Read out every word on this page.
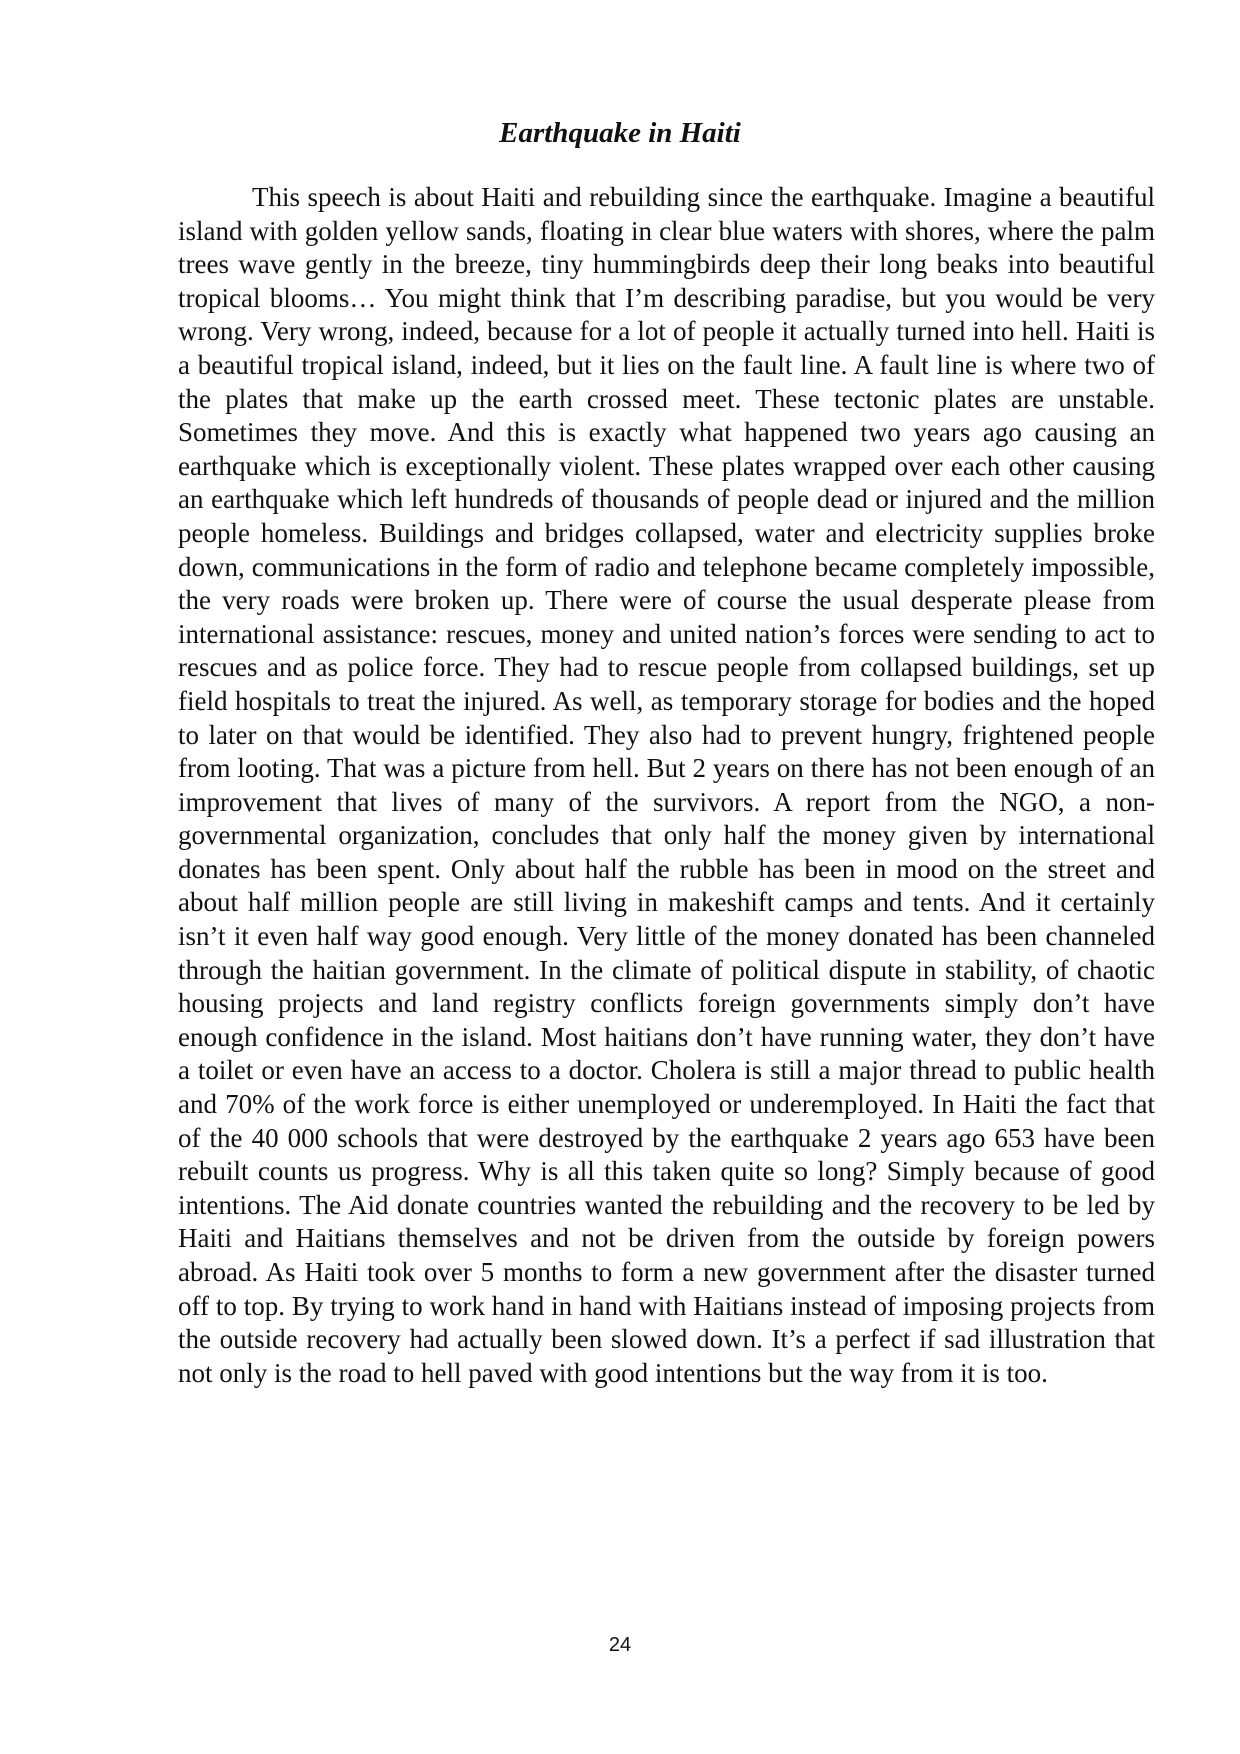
Earthquake in Haiti

This speech is about Haiti and rebuilding since the earthquake. Imagine a beautiful island with golden yellow sands, floating in clear blue waters with shores, where the palm trees wave gently in the breeze, tiny hummingbirds deep their long beaks into beautiful tropical blooms… You might think that I’m describing paradise, but you would be very wrong. Very wrong, indeed, because for a lot of people it actually turned into hell. Haiti is a beautiful tropical island, indeed, but it lies on the fault line. A fault line is where two of the plates that make up the earth crossed meet. These tectonic plates are unstable. Sometimes they move. And this is exactly what happened two years ago causing an earthquake which is exceptionally violent. These plates wrapped over each other causing an earthquake which left hundreds of thousands of people dead or injured and the million people homeless. Buildings and bridges collapsed, water and electricity supplies broke down, communications in the form of radio and telephone became completely impossible, the very roads were broken up. There were of course the usual desperate please from international assistance: rescues, money and united nation’s forces were sending to act to rescues and as police force. They had to rescue people from collapsed buildings, set up field hospitals to treat the injured. As well, as temporary storage for bodies and the hoped to later on that would be identified. They also had to prevent hungry, frightened people from looting. That was a picture from hell. But 2 years on there has not been enough of an improvement that lives of many of the survivors. A report from the NGO, a non-governmental organization, concludes that only half the money given by international donates has been spent. Only about half the rubble has been in mood on the street and about half million people are still living in makeshift camps and tents. And it certainly isn’t it even half way good enough. Very little of the money donated has been channeled through the haitian government. In the climate of political dispute in stability, of chaotic housing projects and land registry conflicts foreign governments simply don’t have enough confidence in the island. Most haitians don’t have running water, they don’t have a toilet or even have an access to a doctor. Cholera is still a major thread to public health and 70% of the work force is either unemployed or underemployed. In Haiti the fact that of the 40 000 schools that were destroyed by the earthquake 2 years ago 653 have been rebuilt counts us progress. Why is all this taken quite so long? Simply because of good intentions. The Aid donate countries wanted the rebuilding and the recovery to be led by Haiti and Haitians themselves and not be driven from the outside by foreign powers abroad. As Haiti took over 5 months to form a new government after the disaster turned off to top. By trying to work hand in hand with Haitians instead of imposing projects from the outside recovery had actually been slowed down. It’s a perfect if sad illustration that not only is the road to hell paved with good intentions but the way from it is too.

24
